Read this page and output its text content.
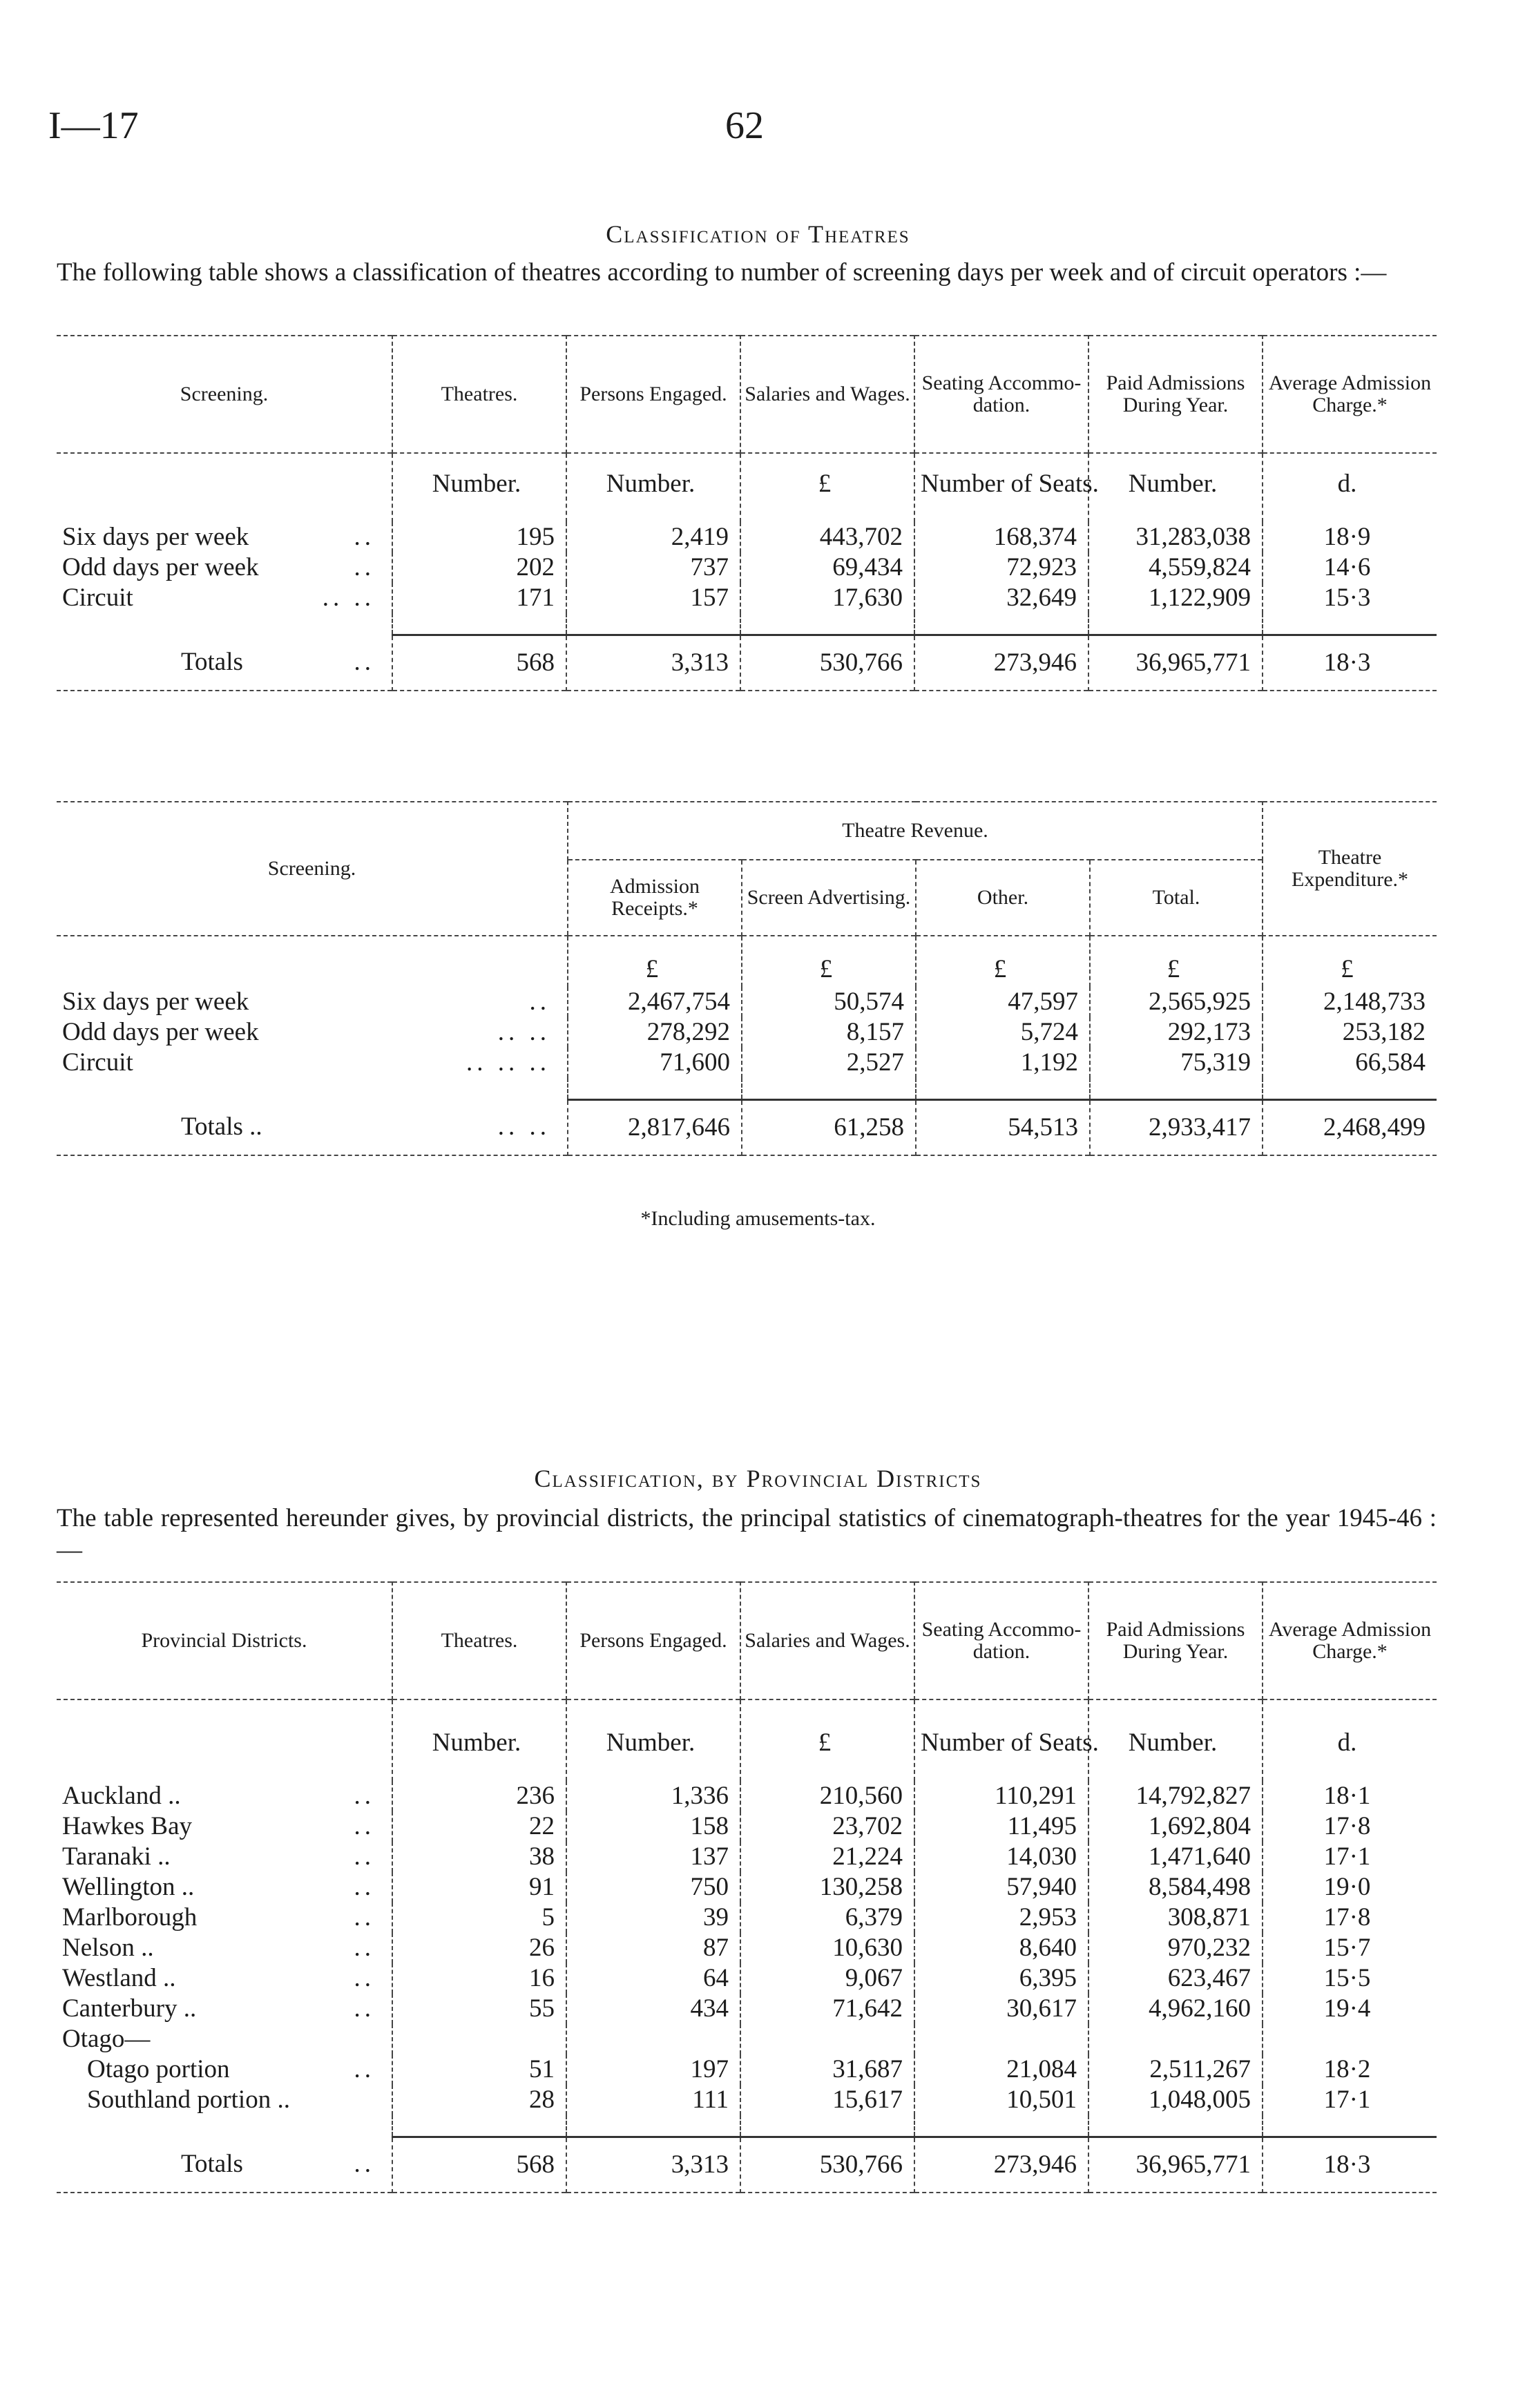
I—17	62
Classification of Theatres
The following table shows a classification of theatres according to number of screening days per week and of circuit operators :—
Screening.	Theatres.	Persons Engaged.	Salaries and Wages.	Seating Accommo-dation.	Paid Admissions During Year.	Average Admission Charge.*
	Number.	Number.	£	Number of Seats.	Number.	d.
Six days per week ..	195	2,419	443,702	168,374	31,283,038	18·9
Odd days per week ..	202	737	69,434	72,923	4,559,824	14·6
Circuit .. ..	171	157	17,630	32,649	1,122,909	15·3

Totals ..	568	3,313	530,766	273,946	36,965,771	18·3
Screening.	Theatre Revenue.				Theatre Expenditure.*
	Admission Receipts.*	Screen Advertising.	Other.	Total.	
	£	£	£	£	£
Six days per week ..	2,467,754	50,574	47,597	2,565,925	2,148,733
Odd days per week .. ..	278,292	8,157	5,724	292,173	253,182
Circuit .. .. ..	71,600	2,527	1,192	75,319	66,584

Totals .. .. ..	2,817,646	61,258	54,513	2,933,417	2,468,499
*Including amusements-tax.
Classification, by Provincial Districts
The table represented hereunder gives, by provincial districts, the principal statistics of cinematograph-theatres for the year 1945-46 :—
Provincial Districts.	Theatres.	Persons Engaged.	Salaries and Wages.	Seating Accommo-dation.	Paid Admissions During Year.	Average Admission Charge.*
	Number.	Number.	£	Number of Seats.	Number.	d.
Auckland .. ..	236	1,336	210,560	110,291	14,792,827	18·1
Hawkes Bay ..	22	158	23,702	11,495	1,692,804	17·8
Taranaki .. ..	38	137	21,224	14,030	1,471,640	17·1
Wellington .. ..	91	750	130,258	57,940	8,584,498	19·0
Marlborough ..	5	39	6,379	2,953	308,871	17·8
Nelson .. ..	26	87	10,630	8,640	970,232	15·7
Westland .. ..	16	64	9,067	6,395	623,467	15·5
Canterbury .. ..	55	434	71,642	30,617	4,962,160	19·4
Otago—						
Otago portion ..	51	197	31,687	21,084	2,511,267	18·2
Southland portion ..	28	111	15,617	10,501	1,048,005	17·1

Totals ..	568	3,313	530,766	273,946	36,965,771	18·3
